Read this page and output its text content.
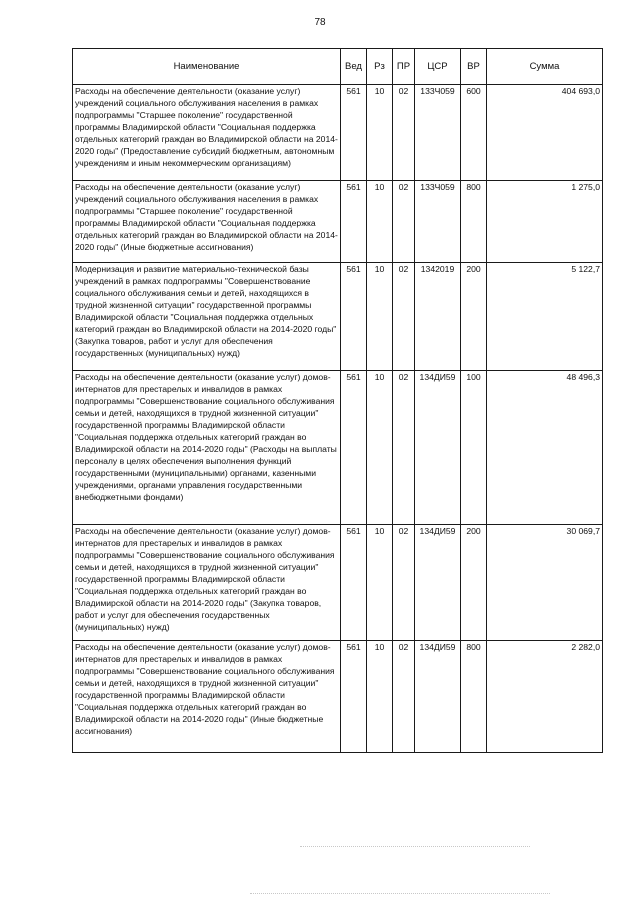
78
Наименование	Вед	Рз	ПР	ЦСР	ВР	Сумма
Расходы на обеспечение деятельности (оказание услуг) учреждений социального обслуживания населения в рамках подпрограммы "Старшее поколение" государственной программы Владимирской области "Социальная поддержка отдельных категорий граждан во Владимирской области на 2014-2020 годы" (Предоставление субсидий бюджетным, автономным учреждениям и иным некоммерческим организациям)	561	10	02	133Ч059	600	404 693,0
Расходы на обеспечение деятельности (оказание услуг) учреждений социального обслуживания населения в рамках подпрограммы "Старшее поколение" государственной программы Владимирской области "Социальная поддержка отдельных категорий граждан во Владимирской области на 2014-2020 годы" (Иные бюджетные ассигнования)	561	10	02	133Ч059	800	1 275,0
Модернизация и развитие материально-технической базы учреждений в рамках подпрограммы "Совершенствование социального обслуживания семьи и детей, находящихся в трудной жизненной ситуации" государственной программы Владимирской области "Социальная поддержка отдельных категорий граждан во Владимирской области на 2014-2020 годы" (Закупка товаров, работ и услуг для обеспечения государственных (муниципальных) нужд)	561	10	02	1342019	200	5 122,7
Расходы на обеспечение деятельности (оказание услуг) домов-интернатов для престарелых и инвалидов в рамках подпрограммы "Совершенствование социального обслуживания семьи и детей, находящихся в трудной жизненной ситуации" государственной программы Владимирской области "Социальная поддержка отдельных категорий граждан во Владимирской области на 2014-2020 годы" (Расходы на выплаты персоналу в целях обеспечения выполнения функций государственными (муниципальными) органами, казенными учреждениями, органами управления государственными внебюджетными фондами)	561	10	02	134ДИ59	100	48 496,3
Расходы на обеспечение деятельности (оказание услуг) домов-интернатов для престарелых и инвалидов в рамках подпрограммы "Совершенствование социального обслуживания семьи и детей, находящихся в трудной жизненной ситуации" государственной программы Владимирской области "Социальная поддержка отдельных категорий граждан во Владимирской области на 2014-2020 годы" (Закупка товаров, работ и услуг для обеспечения государственных (муниципальных) нужд)	561	10	02	134ДИ59	200	30 069,7
Расходы на обеспечение деятельности (оказание услуг) домов-интернатов для престарелых и инвалидов в рамках подпрограммы "Совершенствование социального обслуживания семьи и детей, находящихся в трудной жизненной ситуации" государственной программы Владимирской области "Социальная поддержка отдельных категорий граждан во Владимирской области на 2014-2020 годы" (Иные бюджетные ассигнования)	561	10	02	134ДИ59	800	2 282,0
